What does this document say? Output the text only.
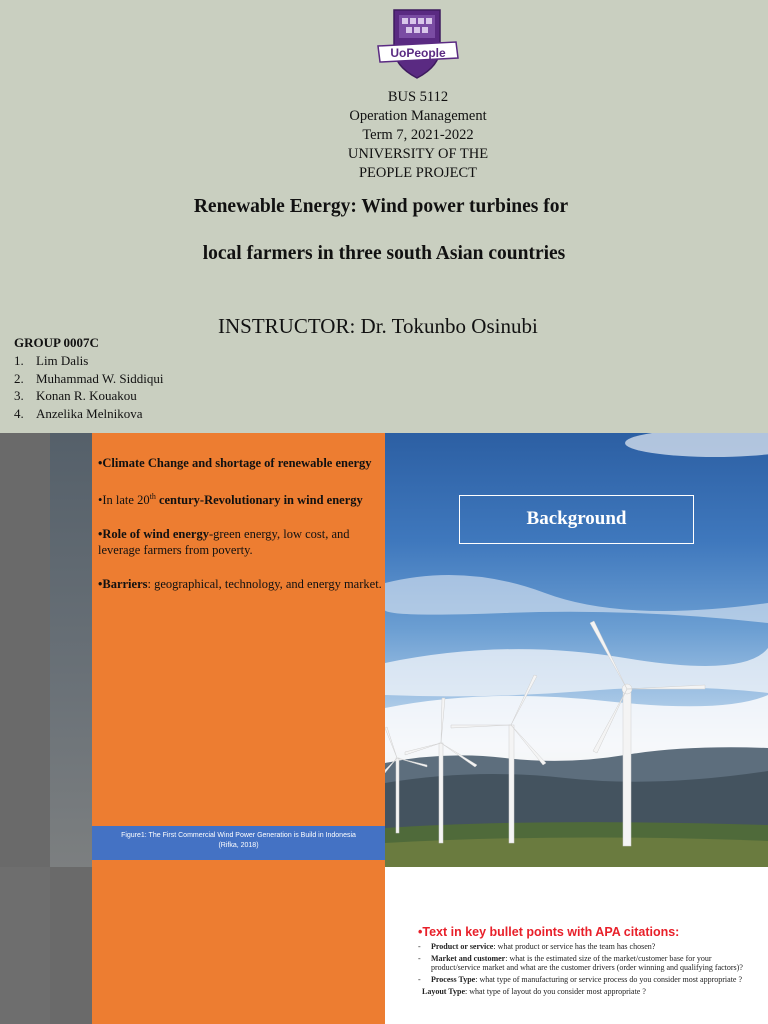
UoPeople
BUS 5112
Operation Management
Term 7, 2021-2022
UNIVERSITY OF THE
PEOPLE PROJECT
Renewable Energy: Wind power turbines for
local farmers in three south Asian countries
INSTRUCTOR: Dr. Tokunbo Osinubi
GROUP 0007C
1. Lim Dalis
2. Muhammad W. Siddiqui
3. Konan R. Kouakou
4. Anzelika Melnikova

•Climate Change and shortage of renewable energy

•In late 20th century-Revolutionary in wind energy

•Role of wind energy-green energy, low cost, and leverage farmers from poverty.

•Barriers: geographical, technology, and energy market.

Figure1: The First Commercial Wind Power Generation is Build in Indonesia
(Rifka, 2018)
Background
•Text in key bullet points with APA citations:
- Product or service: what product or service has the team has chosen?
- Market and customer: what is the estimated size of the market/customer base for your product/service market and what are the customer drivers (order winning and qualifying factors)?
- Process Type: what type of manufacturing or service process do you consider most appropriate ?
Layout Type: what type of layout do you consider most appropriate ?
